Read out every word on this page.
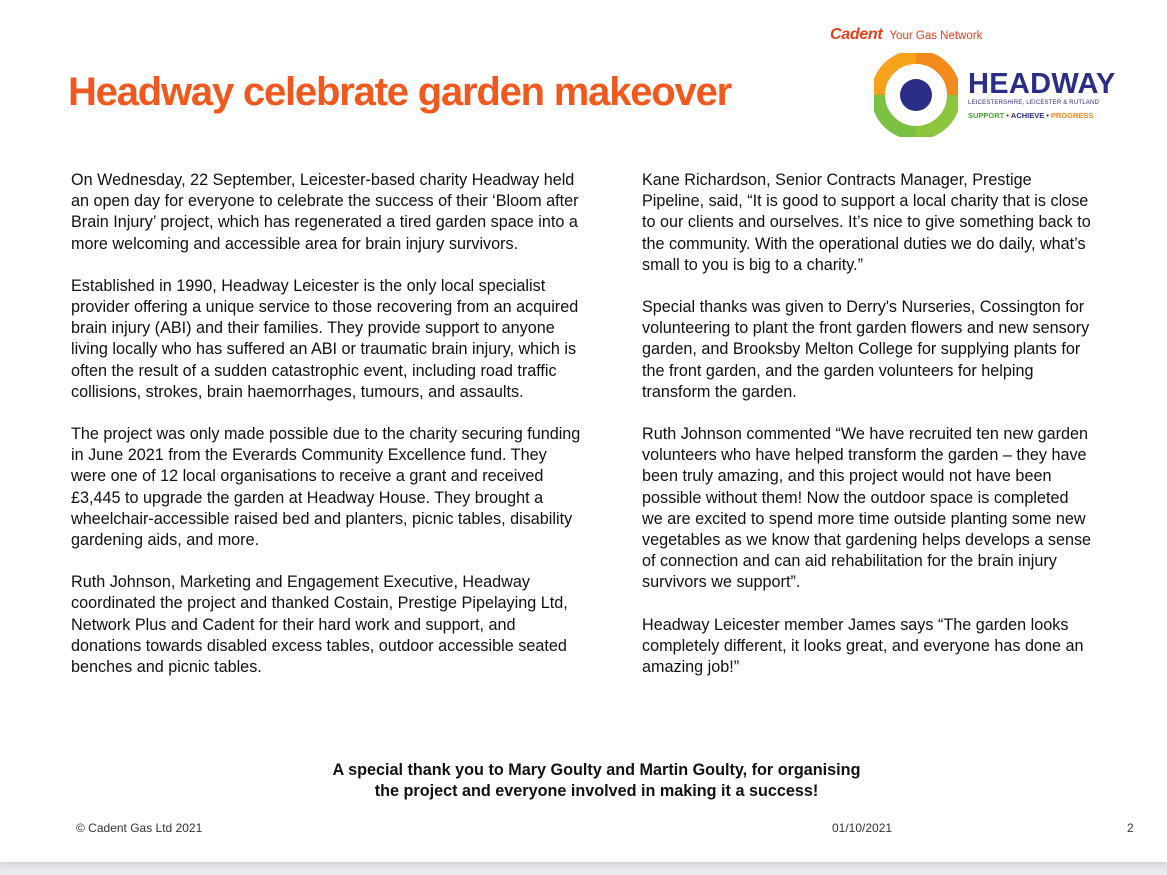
Cadent Your Gas Network
Headway celebrate garden makeover	HEADWAY
LEICESTERSHIRE, LEICESTER & RUTLAND
SUPPORT • ACHIEVE • PROGRESS

On Wednesday, 22 September, Leicester-based charity Headway held an open day for everyone to celebrate the success of their ‘Bloom after Brain Injury’ project, which has regenerated a tired garden space into a more welcoming and accessible area for brain injury survivors.

Established in 1990, Headway Leicester is the only local specialist provider offering a unique service to those recovering from an acquired brain injury (ABI) and their families. They provide support to anyone living locally who has suffered an ABI or traumatic brain injury, which is often the result of a sudden catastrophic event, including road traffic collisions, strokes, brain haemorrhages, tumours, and assaults.

The project was only made possible due to the charity securing funding in June 2021 from the Everards Community Excellence fund. They were one of 12 local organisations to receive a grant and received £3,445 to upgrade the garden at Headway House. They brought a wheelchair-accessible raised bed and planters, picnic tables, disability gardening aids, and more.

Ruth Johnson, Marketing and Engagement Executive, Headway coordinated the project and thanked Costain, Prestige Pipelaying Ltd, Network Plus and Cadent for their hard work and support, and donations towards disabled excess tables, outdoor accessible seated benches and picnic tables.

Kane Richardson, Senior Contracts Manager, Prestige Pipeline, said, “It is good to support a local charity that is close to our clients and ourselves. It’s nice to give something back to the community. With the operational duties we do daily, what’s small to you is big to a charity.”

Special thanks was given to Derry's Nurseries, Cossington for volunteering to plant the front garden flowers and new sensory garden, and Brooksby Melton College for supplying plants for the front garden, and the garden volunteers for helping transform the garden.

Ruth Johnson commented “We have recruited ten new garden volunteers who have helped transform the garden – they have been truly amazing, and this project would not have been possible without them! Now the outdoor space is completed we are excited to spend more time outside planting some new vegetables as we know that gardening helps develops a sense of connection and can aid rehabilitation for the brain injury survivors we support”.

Headway Leicester member James says “The garden looks completely different, it looks great, and everyone has done an amazing job!”

A special thank you to Mary Goulty and Martin Goulty, for organising
the project and everyone involved in making it a success!

© Cadent Gas Ltd 2021	01/10/2021	2
